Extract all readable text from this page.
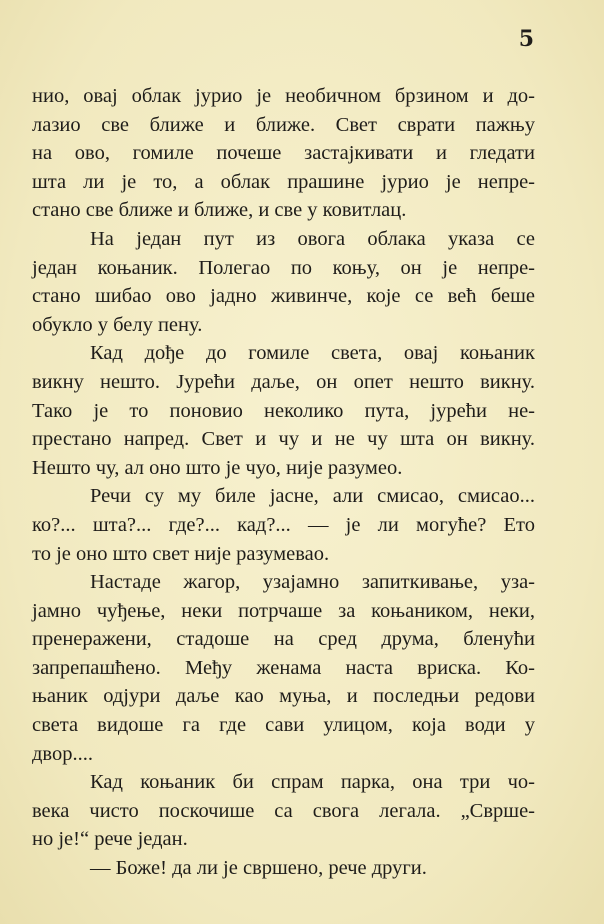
5
нио, овај облак јурио је необичном брзином и до-
лазио све ближе и ближе. Свет сврати пажњу
на ово, гомиле почеше застајкивати и гледати
шта ли је то, а облак прашине јурио је непре-
стано све ближе и ближе, и све у ковитлац.
На један пут из овога облака указа се
један коњаник. Полегао по коњу, он је непре-
стано шибао ово јадно живинче, које се већ беше
обукло у белу пену.
Кад дође до гомиле света, овај коњаник
викну нешто. Јурећи даље, он опет нешто викну.
Тако је то поновио неколико пута, јурећи не-
престано напред. Свет и чу и не чу шта он викну.
Нешто чу, ал оно што је чуо, није разумео.
Речи су му биле јасне, али смисао, смисао...
ко?... шта?... где?... кад?... — је ли могуће? Ето
то је оно што свет није разумевао.
Настаде жагор, узајамно запиткивање, уза-
јамно чуђење, неки потрчаше за коњаником, неки,
пренеражени, стадоше на сред друма, бленући
запрепашћено. Међу женама наста вриска. Ко-
њаник одјури даље као муња, и последњи редови
света видоше га где сави улицом, која води у
двор....
Кад коњаник би спрам парка, она три чо-
века чисто поскочише са свога легала. „Сврше-
но је!“ рече један.
— Боже! да ли је свршено, рече други.
